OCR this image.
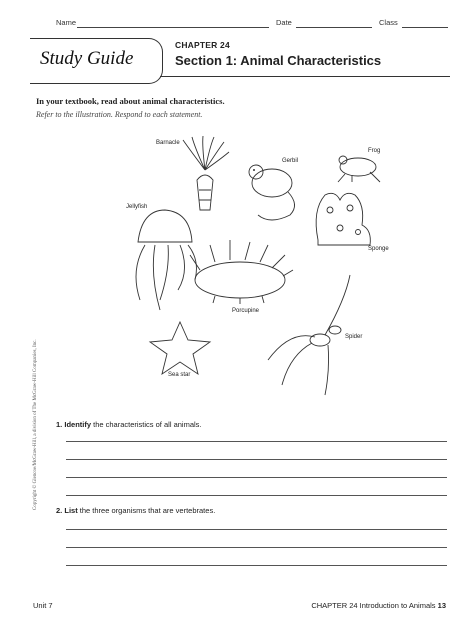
Name	Date	Class
Study Guide
CHAPTER 24
Section 1: Animal Characteristics
In your textbook, read about animal characteristics.
Refer to the illustration. Respond to each statement.
Barnacle
Gerbil
Frog
Jellyfish
Sponge
Porcupine
Spider
Sea star
Copyright © Glencoe/McGraw-Hill, a division of The McGraw-Hill Companies, Inc. 1. Identify the characteristics of all animals.
2. List the three organisms that are vertebrates.
Unit 7	CHAPTER 24 Introduction to Animals 13
